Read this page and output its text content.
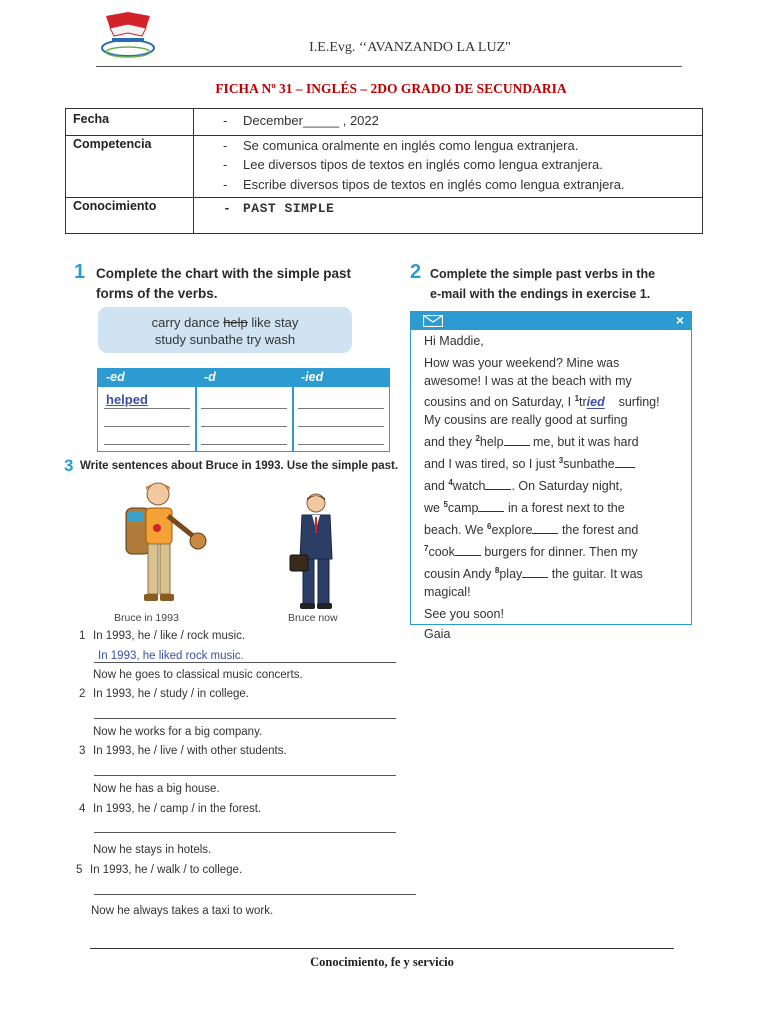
I.E.Evg. ‘‘AVANZANDO LA LUZ"
FICHA Nº 31 – INGLÉS – 2DO GRADO DE SECUNDARIA
Fecha	- December_____ , 2022
Competencia	- Se comunica oralmente en inglés como lengua extranjera.
- Lee diversos tipos de textos en inglés como lengua extranjera.
- Escribe diversos tipos de textos en inglés como lengua extranjera.
Conocimiento	- PAST SIMPLE
1 Complete the chart with the simple past
forms of the verbs.
carry dance help like stay
study sunbathe try wash
-ed	-d	-ied
helped
2 Complete the simple past verbs in the
e-mail with the endings in exercise 1.
×
Hi Maddie,
How was your weekend? Mine was
awesome! I was at the beach with my
cousins and on Saturday, I $^1$tried    surfing!
My cousins are really good at surfing
and they $^2$help me, but it was hard
and I was tired, so I just $^3$sunbathe
and $^4$watch . On Saturday night,
we $^5$camp in a forest next to the
beach. We $^6$explore the forest and
$^7$cook burgers for dinner. Then my
cousin Andy $^8$play the guitar. It was
magical!
See you soon!
Gaia
3 Write sentences about Bruce in 1993. Use the simple past.
Bruce in 1993	Bruce now
1 In 1993, he / like / rock music.
In 1993, he liked rock music.
Now he goes to classical music concerts.
2 In 1993, he / study / in college.
Now he works for a big company.
3 In 1993, he / live / with other students.
Now he has a big house.
4 In 1993, he / camp / in the forest.
Now he stays in hotels.
5 In 1993, he / walk / to college.
Now he always takes a taxi to work.
Conocimiento, fe y servicio
